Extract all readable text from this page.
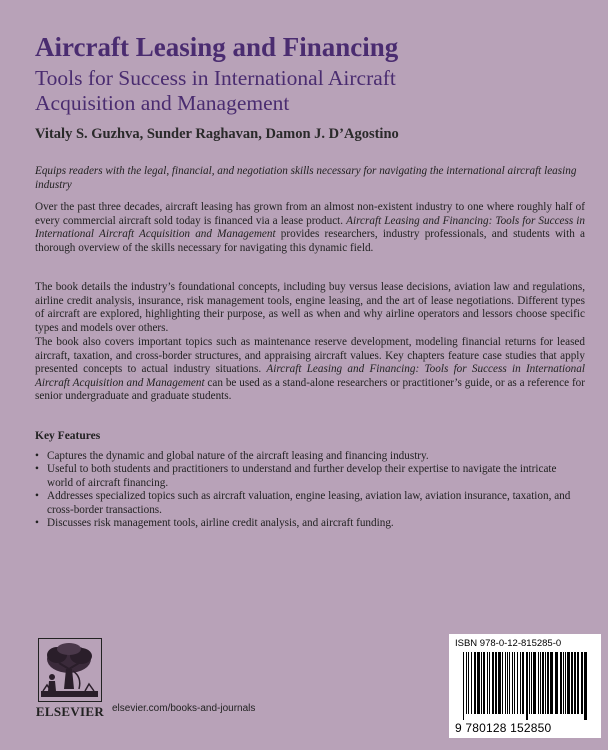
Aircraft Leasing and Financing
Tools for Success in International Aircraft
Acquisition and Management
Vitaly S. Guzhva, Sunder Raghavan, Damon J. D’Agostino
Equips readers with the legal, financial, and negotiation skills necessary for navigating the international aircraft leasing industry
Over the past three decades, aircraft leasing has grown from an almost non-existent industry to one where roughly half of every commercial aircraft sold today is financed via a lease product. Aircraft Leasing and Financing: Tools for Success in International Aircraft Acquisition and Management provides researchers, industry professionals, and students with a thorough overview of the skills necessary for navigating this dynamic field.
The book details the industry’s foundational concepts, including buy versus lease decisions, aviation law and regulations, airline credit analysis, insurance, risk management tools, engine leasing, and the art of lease negotiations. Different types of aircraft are explored, highlighting their purpose, as well as when and why airline operators and lessors choose specific types and models over others.
The book also covers important topics such as maintenance reserve development, modeling financial returns for leased aircraft, taxation, and cross-border structures, and appraising aircraft values. Key chapters feature case studies that apply presented concepts to actual industry situations. Aircraft Leasing and Financing: Tools for Success in International Aircraft Acquisition and Management can be used as a stand-alone researchers or practitioner’s guide, or as a reference for senior undergraduate and graduate students.
Key Features
• Captures the dynamic and global nature of the aircraft leasing and financing industry.
• Useful to both students and practitioners to understand and further develop their expertise to navigate the intricate world of aircraft financing.
• Addresses specialized topics such as aircraft valuation, engine leasing, aviation law, aviation insurance, taxation, and cross-border transactions.
• Discusses risk management tools, airline credit analysis, and aircraft funding.
ELSEVIER elsevier.com/books-and-journals
ISBN 978-0-12-815285-0
9 780128 152850
